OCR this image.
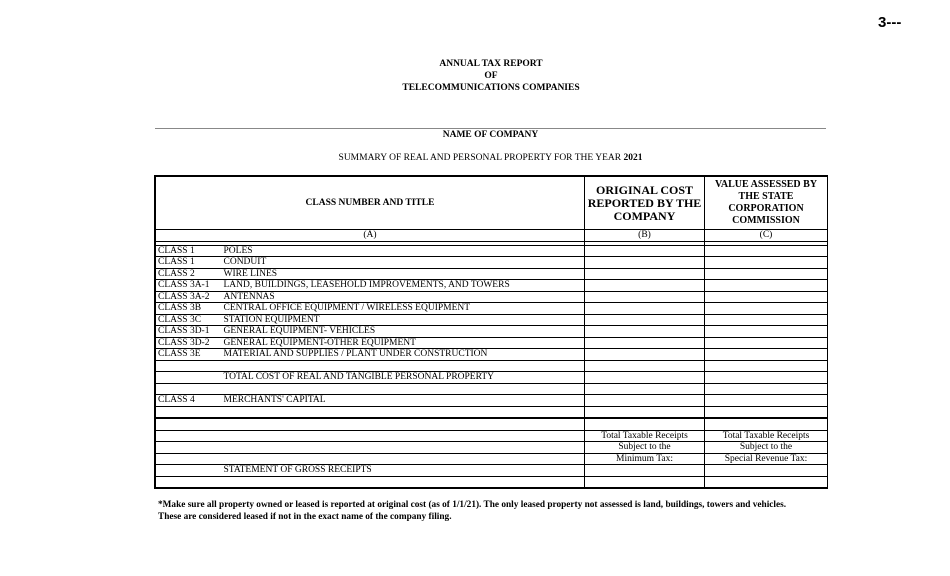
3---
ANNUAL TAX REPORT
OF
TELECOMMUNICATIONS COMPANIES
NAME OF COMPANY
SUMMARY OF REAL AND PERSONAL PROPERTY FOR THE YEAR 2021
CLASS NUMBER AND TITLE		ORIGINAL COST REPORTED BY THE COMPANY	VALUE ASSESSED BY THE STATE CORPORATION COMMISSION
(A)		(B)	(C)

CLASS 1	POLES		
CLASS 1	CONDUIT		
CLASS 2	WIRE LINES		
CLASS 3A-1	LAND, BUILDINGS, LEASEHOLD IMPROVEMENTS, AND TOWERS		
CLASS 3A-2	ANTENNAS		
CLASS 3B	CENTRAL OFFICE EQUIPMENT / WIRELESS EQUIPMENT		
CLASS 3C	STATION EQUIPMENT		
CLASS 3D-1	GENERAL EQUIPMENT- VEHICLES		
CLASS 3D-2	GENERAL EQUIPMENT-OTHER EQUIPMENT		
CLASS 3E	MATERIAL AND SUPPLIES / PLANT UNDER CONSTRUCTION		

	TOTAL COST OF REAL AND TANGIBLE PERSONAL PROPERTY		

CLASS 4	MERCHANTS' CAPITAL		

		Total Taxable Receipts	Total Taxable Receipts
		Subject to the	Subject to the
		Minimum Tax:	Special Revenue Tax:
	STATEMENT OF GROSS RECEIPTS		

*Make sure all property owned or leased is reported at original cost (as of 1/1/21). The only leased property not assessed is land, buildings, towers and vehicles.
These are considered leased if not in the exact name of the company filing.
